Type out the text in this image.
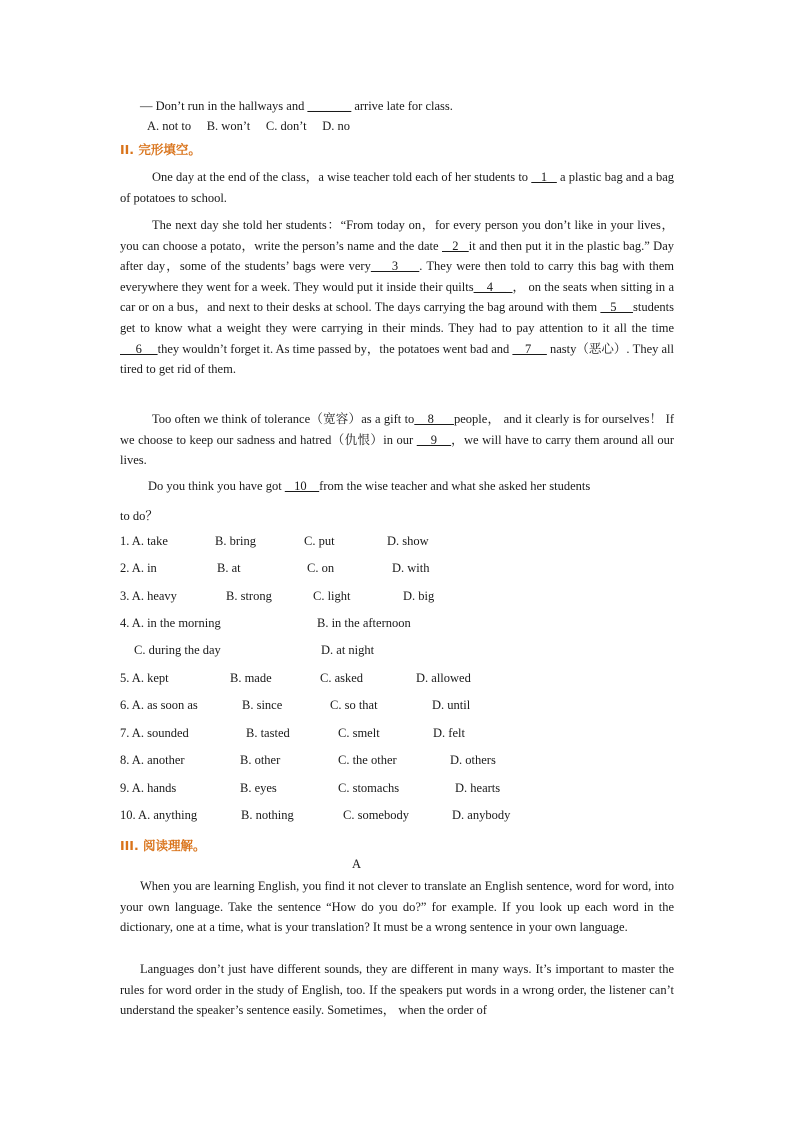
— Don’t run in the hallways and _______ arrive late for class.
A. not to     B. won’t     C. don’t     D. no
II. 完形填空。
One day at the end of the class，a wise teacher told each of her students to    1    a plastic bag and a bag of potatoes to school.
The next day she told her students：“From today on，for every person you don’t like in your lives，you can choose a potato，write the person’s name and the date    2   it and then put it in the plastic bag.” Day after day，some of the students’ bags were very     3     . They were then told to carry this bag with them everywhere they went for a week. They would put it inside their quilts    4  _  ， on the seats when sitting in a car or on a bus，and next to their desks at school. The days carrying the bag around with them    5     students get to know what a weight they were carrying in their minds. They had to pay attention to it all the time     6     they wouldn’t forget it. As time passed by，the potatoes went bad and     7      nasty（恶心）. They all tired to get rid of them.
Too often we think of tolerance（宽容）as a gift to    8      people， and it clearly is for ourselves！ If we choose to keep our sadness and hatred（仇恨）in our     9    ，we will have to carry them around all our lives.
Do you think you have got    10    from the wise teacher and what she asked her students
to do？
1. A. take	B. bring	C. put	D. show
2. A. in	B. at	C. on	D. with
3. A. heavy	B. strong	C. light	D. big
4. A. in the morning	B. in the afternoon
C. during the day	D. at night
5. A. kept	B. made	C. asked	D. allowed
6. A. as soon as	B. since	C. so that	D. until
7. A. sounded	B. tasted	C. smelt	D. felt
8. A. another	B. other	C. the other	D. others
9. A. hands	B. eyes	C. stomachs	D. hearts
10. A. anything	B. nothing	C. somebody	D. anybody
III. 阅读理解。
A
When you are learning English, you find it not clever to translate an English sentence, word for word, into your own language. Take the sentence “How do you do?” for example. If you look up each word in the dictionary, one at a time, what is your translation? It must be a wrong sentence in your own language.
Languages don’t just have different sounds, they are different in many ways. It’s important to master the rules for word order in the study of English, too. If the speakers put words in a wrong order, the listener can’t understand the speaker’s sentence easily. Sometimes， when the order of
